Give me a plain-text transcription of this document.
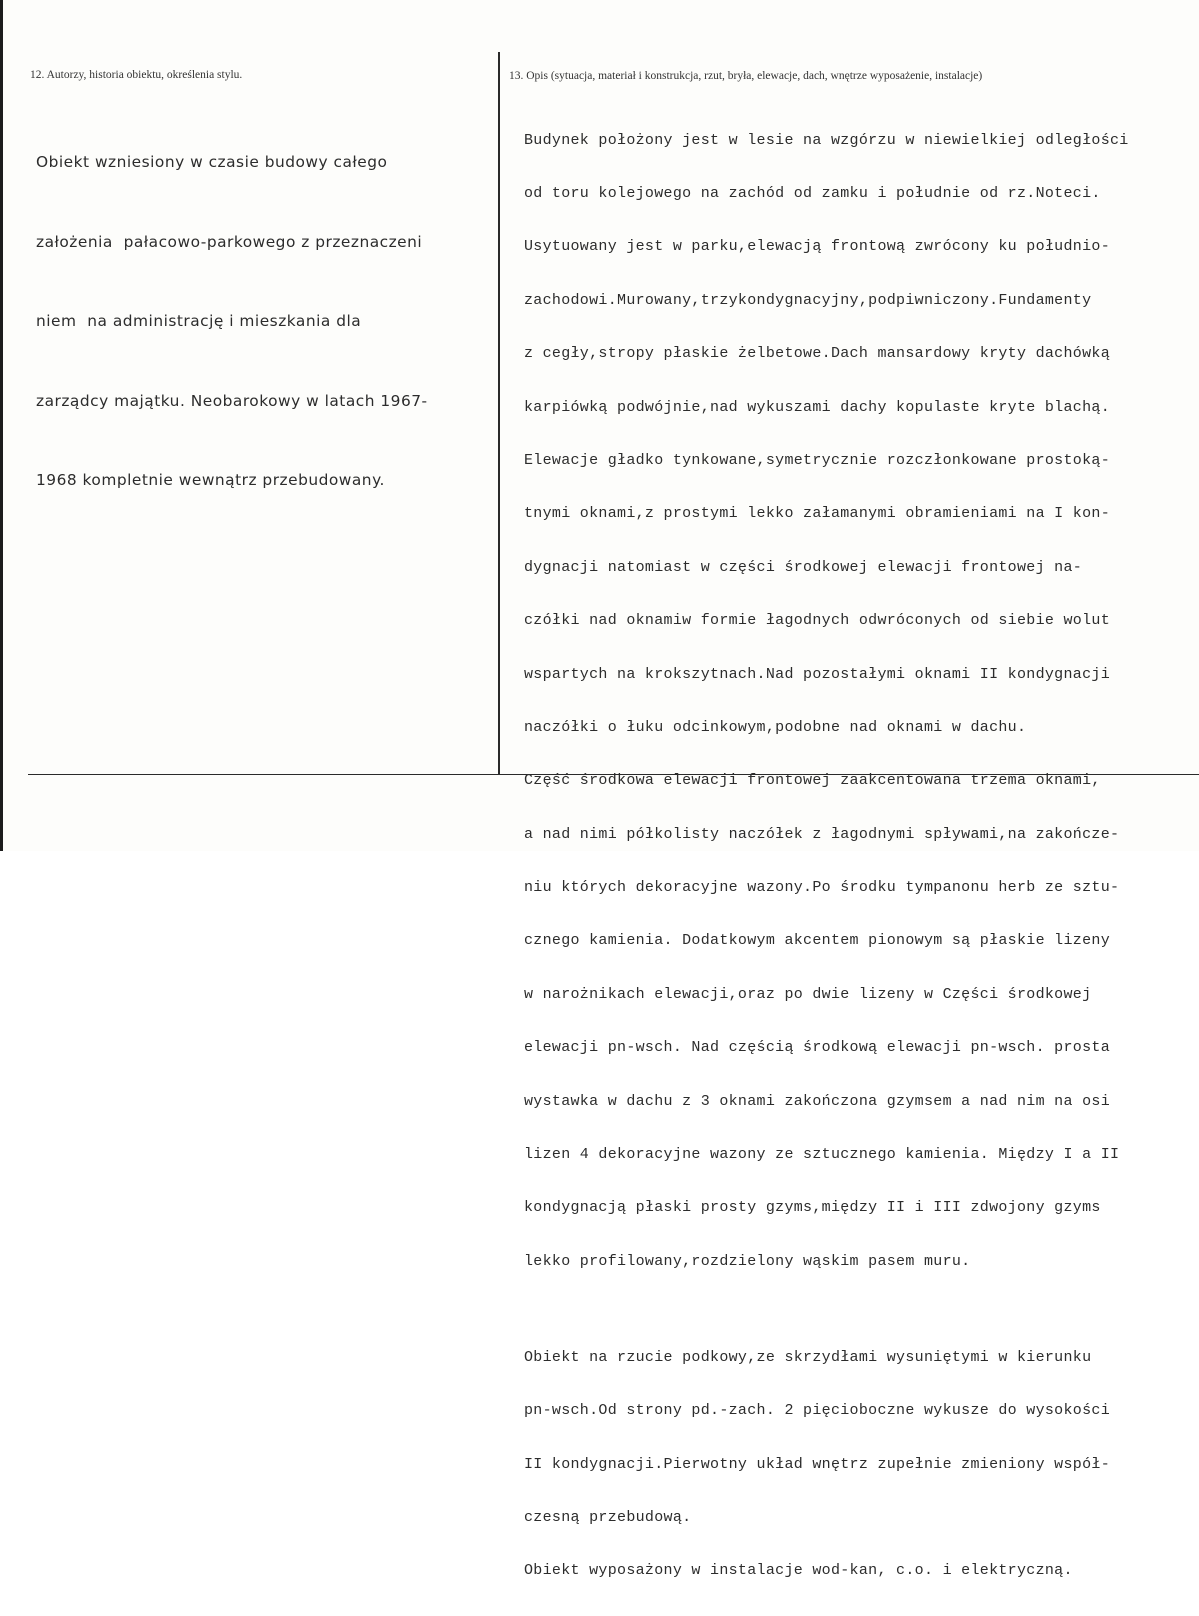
12. Autorzy, historia obiektu, określenia stylu.	13. Opis (sytuacja, materiał i konstrukcja, rzut, bryła, elewacje, dach, wnętrze wyposażenie, instalacje)

Obiekt wzniesiony w czasie budowy całego

założenia  pałacowo-parkowego z przeznaczeni

niem  na administrację i mieszkania dla

zarządcy majątku. Neobarokowy w latach 1967-

1968 kompletnie wewnątrz przebudowany.

Budynek położony jest w lesie na wzgórzu w niewielkiej odległości

od toru kolejowego na zachód od zamku i południe od rz.Noteci.

Usytuowany jest w parku,elewacją frontową zwrócony ku południo-

zachodowi.Murowany,trzykondygnacyjny,podpiwniczony.Fundamenty

z cegły,stropy płaskie żelbetowe.Dach mansardowy kryty dachówką

karpiówką podwójnie,nad wykuszami dachy kopulaste kryte blachą.

Elewacje gładko tynkowane,symetrycznie rozczłonkowane prostoką-

tnymi oknami,z prostymi lekko załamanymi obramieniami na I kon-

dygnacji natomiast w części środkowej elewacji frontowej na-

czółki nad oknamiw formie łagodnych odwróconych od siebie wolut

wspartych na krokszytnach.Nad pozostałymi oknami II kondygnacji

naczółki o łuku odcinkowym,podobne nad oknami w dachu.

Część środkowa elewacji frontowej zaakcentowana trzema oknami,

a nad nimi półkolisty naczółek z łagodnymi spływami,na zakończe-

niu których dekoracyjne wazony.Po środku tympanonu herb ze sztu-

cznego kamienia. Dodatkowym akcentem pionowym są płaskie lizeny

w narożnikach elewacji,oraz po dwie lizeny w Części środkowej

elewacji pn-wsch. Nad częścią środkową elewacji pn-wsch. prosta

wystawka w dachu z 3 oknami zakończona gzymsem a nad nim na osi

lizen 4 dekoracyjne wazony ze sztucznego kamienia. Między I a II

kondygnacją płaski prosty gzyms,między II i III zdwojony gzyms

lekko profilowany,rozdzielony wąskim pasem muru.

Obiekt na rzucie podkowy,ze skrzydłami wysuniętymi w kierunku

pn-wsch.Od strony pd.-zach. 2 pięcioboczne wykusze do wysokości

II kondygnacji.Pierwotny układ wnętrz zupełnie zmieniony współ-

czesną przebudową.

Obiekt wyposażony w instalacje wod-kan, c.o. i elektryczną.
